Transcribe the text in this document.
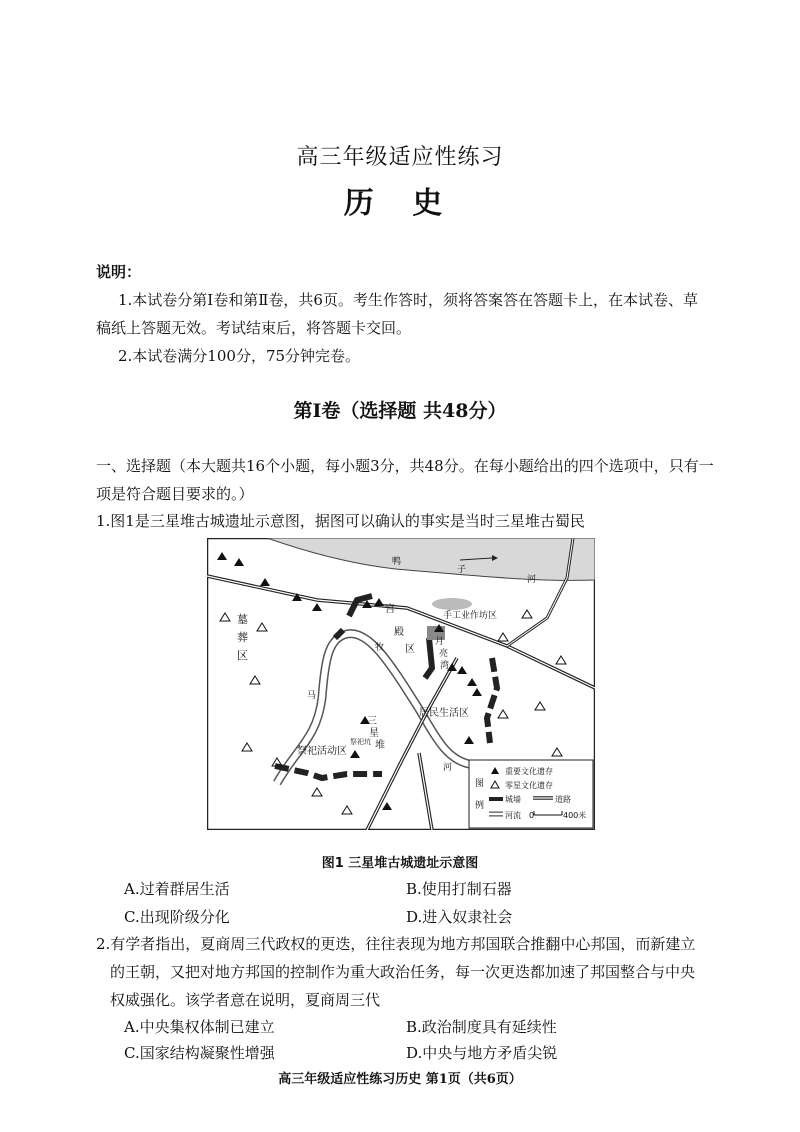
高三年级适应性练习
历 史
说明：
1.本试卷分第Ⅰ卷和第Ⅱ卷，共6页。考生作答时，须将答案答在答题卡上，在本试卷、草
稿纸上答题无效。考试结束后，将答题卡交回。
2.本试卷满分100分，75分钟完卷。
第Ⅰ卷（选择题 共48分）
一、选择题（本大题共16个小题，每小题3分，共48分。在每小题给出的四个选项中，只有一
项是符合题目要求的。）
1.图1是三星堆古城遗址示意图，据图可以确认的事实是当时三星堆古蜀民
鸭
子
河
手工业作坊区
宫
殿
区
月
亮
湾
墓
葬
区
牧
马
河
居民生活区
三
星
堆
祭祀坑
祭祀活动区
图
例
重要文化遗存
零星文化遗存
城墙	道路
河流 0	400米
图1 三星堆古城遗址示意图
A.过着群居生活	B.使用打制石器
C.出现阶级分化	D.进入奴隶社会
2.有学者指出，夏商周三代政权的更迭，往往表现为地方邦国联合推翻中心邦国，而新建立
的王朝，又把对地方邦国的控制作为重大政治任务，每一次更迭都加速了邦国整合与中央
权威强化。该学者意在说明，夏商周三代
A.中央集权体制已建立	B.政治制度具有延续性
C.国家结构凝聚性增强	D.中央与地方矛盾尖锐
高三年级适应性练习历史 第1页（共6页）
